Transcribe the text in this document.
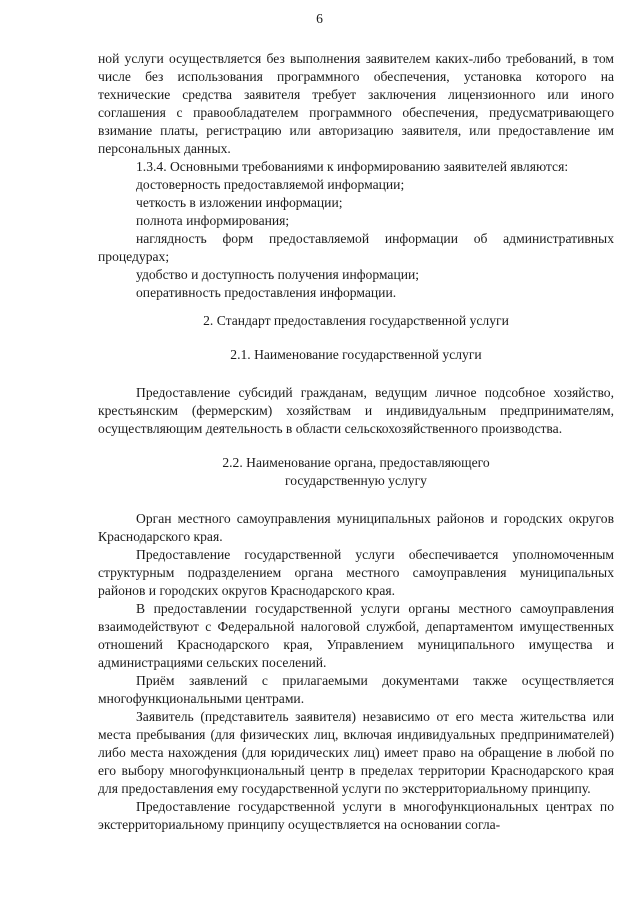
6

ной услуги осуществляется без выполнения заявителем каких-либо требований, в том числе без использования программного обеспечения, установка которого на технические средства заявителя требует заключения лицензионного или иного соглашения с правообладателем программного обеспечения, предусматривающего взимание платы, регистрацию или авторизацию заявителя, или предоставление им персональных данных.

1.3.4. Основными требованиями к информированию заявителей являются:

достоверность предоставляемой информации;

четкость в изложении информации;

полнота информирования;

наглядность форм предоставляемой информации об административных процедурах;

удобство и доступность получения информации;

оперативность предоставления информации.

2. Стандарт предоставления государственной услуги

2.1. Наименование государственной услуги

Предоставление субсидий гражданам, ведущим личное подсобное хозяйство, крестьянским (фермерским) хозяйствам и индивидуальным предпринимателям, осуществляющим деятельность в области сельскохозяйственного производства.

2.2. Наименование органа, предоставляющего

государственную услугу

Орган местного самоуправления муниципальных районов и городских округов Краснодарского края.

Предоставление государственной услуги обеспечивается уполномоченным структурным подразделением органа местного самоуправления муниципальных районов и городских округов Краснодарского края.

В предоставлении государственной услуги органы местного самоуправления взаимодействуют с Федеральной налоговой службой, департаментом имущественных отношений Краснодарского края, Управлением муниципального имущества и администрациями сельских поселений.

Приём заявлений с прилагаемыми документами также осуществляется многофункциональными центрами.

Заявитель (представитель заявителя) независимо от его места жительства или места пребывания (для физических лиц, включая индивидуальных предпринимателей) либо места нахождения (для юридических лиц) имеет право на обращение в любой по его выбору многофункциональный центр в пределах территории Краснодарского края для предоставления ему государственной услуги по экстерриториальному принципу.

Предоставление государственной услуги в многофункциональных центрах по экстерриториальному принципу осуществляется на основании согла-
